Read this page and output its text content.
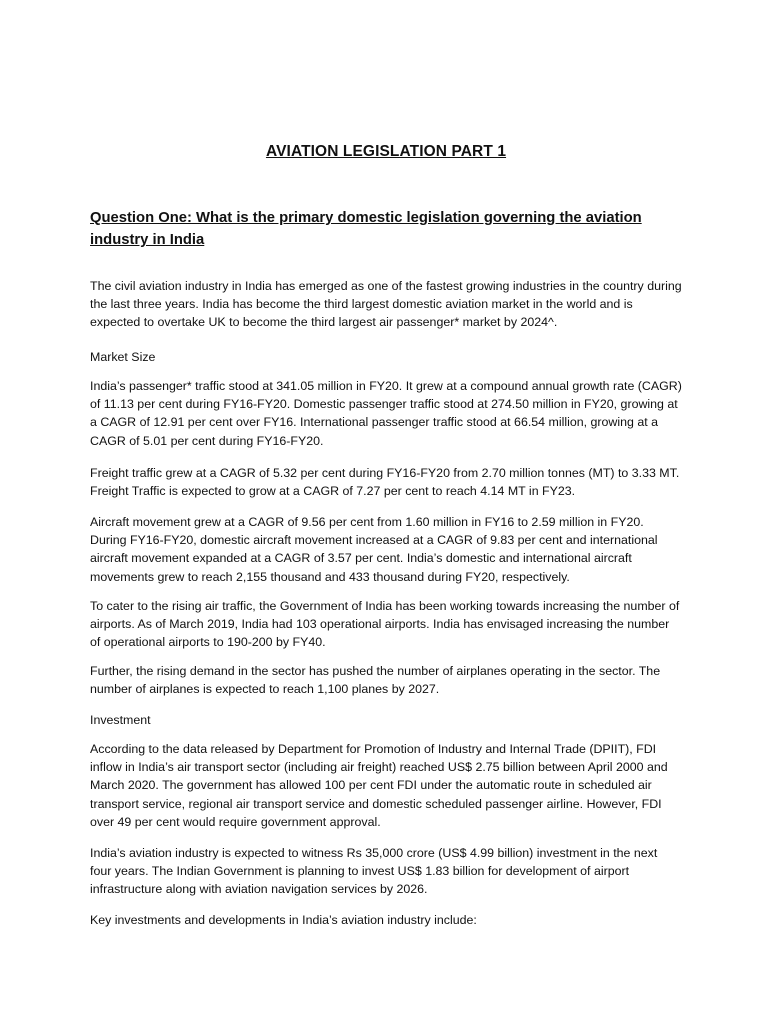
AVIATION LEGISLATION PART 1
Question One: What is the primary domestic legislation governing the aviation industry in India

The civil aviation industry in India has emerged as one of the fastest growing industries in the country during the last three years. India has become the third largest domestic aviation market in the world and is expected to overtake UK to become the third largest air passenger* market by 2024^.

Market Size

India’s passenger* traffic stood at 341.05 million in FY20. It grew at a compound annual growth rate (CAGR) of 11.13 per cent during FY16-FY20. Domestic passenger traffic stood at 274.50 million in FY20, growing at a CAGR of 12.91 per cent over FY16. International passenger traffic stood at 66.54 million, growing at a CAGR of 5.01 per cent during FY16-FY20.

Freight traffic grew at a CAGR of 5.32 per cent during FY16-FY20 from 2.70 million tonnes (MT) to 3.33 MT. Freight Traffic is expected to grow at a CAGR of 7.27 per cent to reach 4.14 MT in FY23.

Aircraft movement grew at a CAGR of 9.56 per cent from 1.60 million in FY16 to 2.59 million in FY20. During FY16-FY20, domestic aircraft movement increased at a CAGR of 9.83 per cent and international aircraft movement expanded at a CAGR of 3.57 per cent. India’s domestic and international aircraft movements grew to reach 2,155 thousand and 433 thousand during FY20, respectively.

To cater to the rising air traffic, the Government of India has been working towards increasing the number of airports. As of March 2019, India had 103 operational airports. India has envisaged increasing the number of operational airports to 190-200 by FY40.

Further, the rising demand in the sector has pushed the number of airplanes operating in the sector. The number of airplanes is expected to reach 1,100 planes by 2027.

Investment

According to the data released by Department for Promotion of Industry and Internal Trade (DPIIT), FDI inflow in India’s air transport sector (including air freight) reached US$ 2.75 billion between April 2000 and March 2020. The government has allowed 100 per cent FDI under the automatic route in scheduled air transport service, regional air transport service and domestic scheduled passenger airline. However, FDI over 49 per cent would require government approval.

India’s aviation industry is expected to witness Rs 35,000 crore (US$ 4.99 billion) investment in the next four years. The Indian Government is planning to invest US$ 1.83 billion for development of airport infrastructure along with aviation navigation services by 2026.

Key investments and developments in India’s aviation industry include:
